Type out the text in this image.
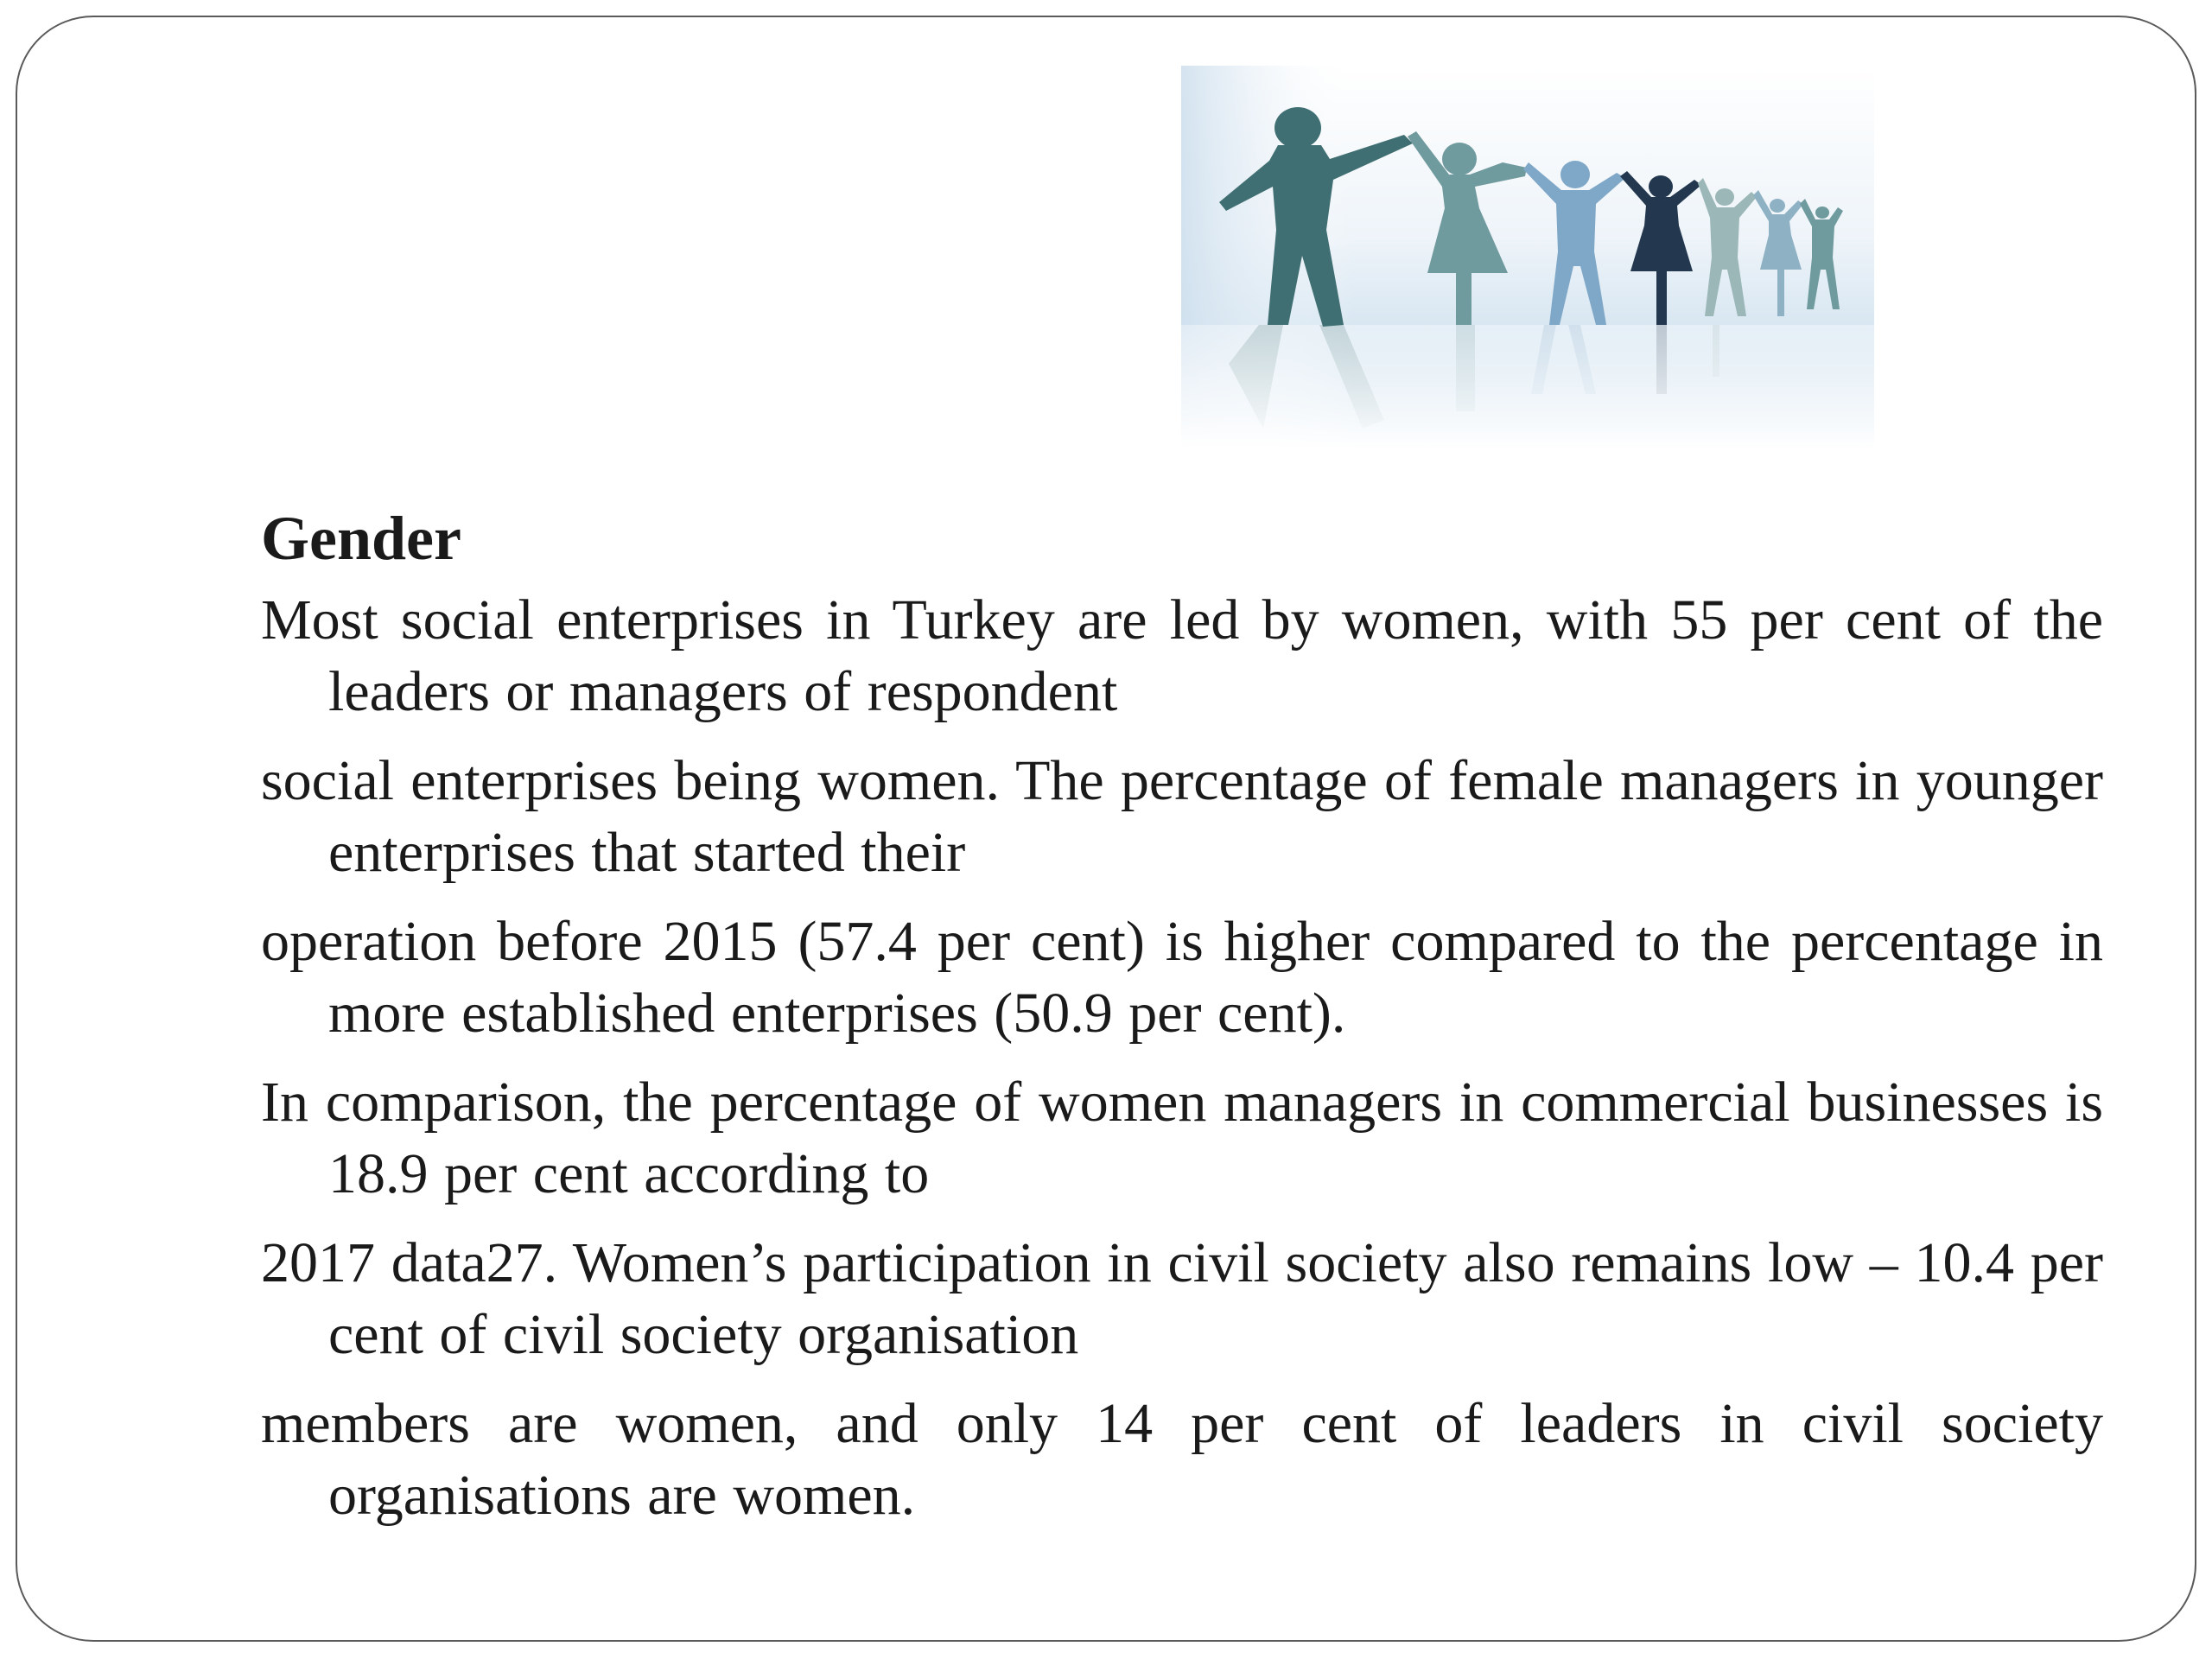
Gender

Most social enterprises in Turkey are led by women, with 55 per cent of the leaders or managers of respondent

social enterprises being women. The percentage of female managers in younger enterprises that started their

operation before 2015 (57.4 per cent) is higher compared to the percentage in more established enterprises (50.9 per cent).

In comparison, the percentage of women managers in commercial businesses is 18.9 per cent according to

2017 data27. Women’s participation in civil society also remains low – 10.4 per cent of civil society organisation

members are women, and only 14 per cent of leaders in civil society organisations are women.
